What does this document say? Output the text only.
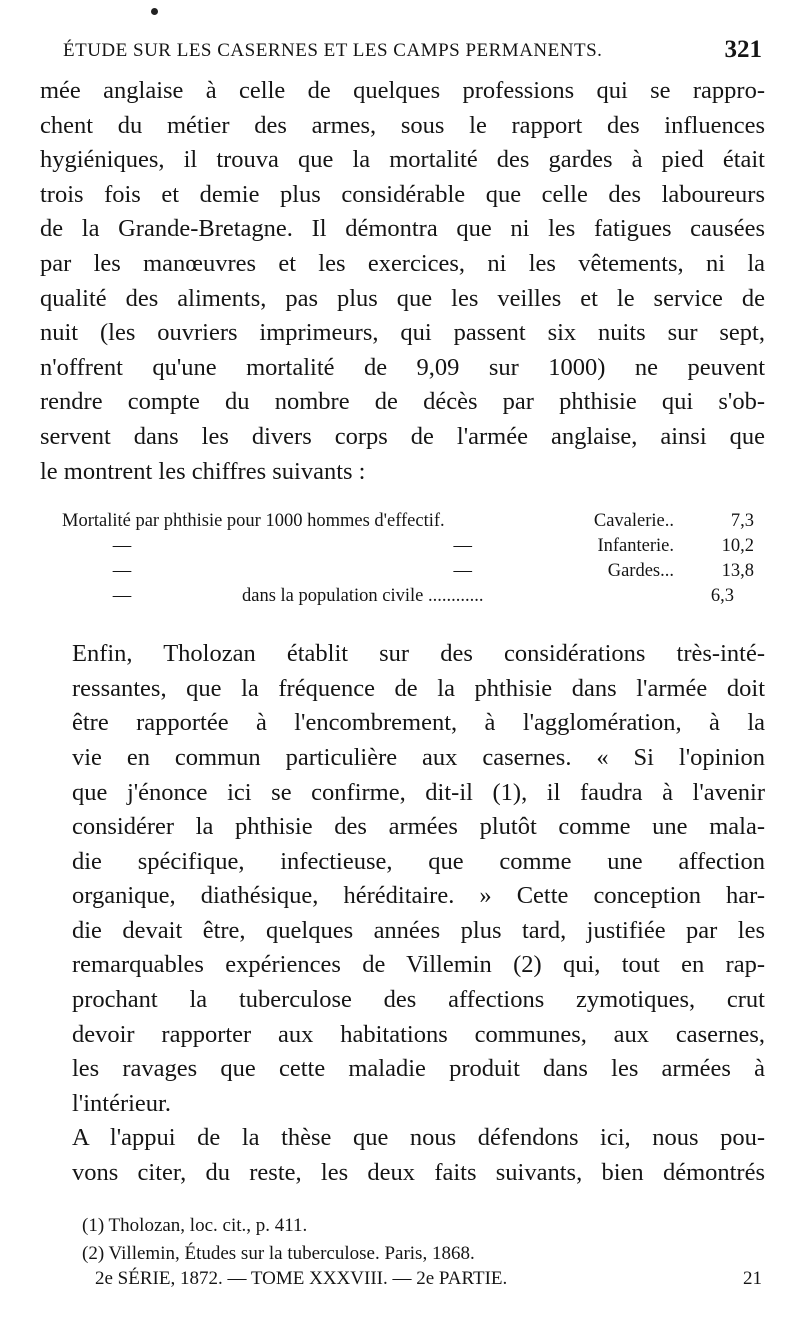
ÉTUDE SUR LES CASERNES ET LES CAMPS PERMANENTS.	321
mée anglaise à celle de quelques professions qui se rappro-
chent du métier des armes, sous le rapport des influences
hygiéniques, il trouva que la mortalité des gardes à pied était
trois fois et demie plus considérable que celle des laboureurs
de la Grande-Bretagne. Il démontra que ni les fatigues causées
par les manœuvres et les exercices, ni les vêtements, ni la
qualité des aliments, pas plus que les veilles et le service de
nuit (les ouvriers imprimeurs, qui passent six nuits sur sept,
n'offrent qu'une mortalité de 9,09 sur 1000) ne peuvent
rendre compte du nombre de décès par phthisie qui s'ob-
servent dans les divers corps de l'armée anglaise, ainsi que
le montrent les chiffres suivants :
Mortalité par phthisie pour 1000 hommes d'effectif.	Cavalerie..	7,3
—	—	Infanterie.	10,2
—	—	Gardes...	13,8
—	dans la population civile ............	6,3
Enfin, Tholozan établit sur des considérations très-inté-
ressantes, que la fréquence de la phthisie dans l'armée doit
être rapportée à l'encombrement, à l'agglomération, à la
vie en commun particulière aux casernes. « Si l'opinion
que j'énonce ici se confirme, dit-il (1), il faudra à l'avenir
considérer la phthisie des armées plutôt comme une mala-
die spécifique, infectieuse, que comme une affection
organique, diathésique, héréditaire. » Cette conception har-
die devait être, quelques années plus tard, justifiée par les
remarquables expériences de Villemin (2) qui, tout en rap-
prochant la tuberculose des affections zymotiques, crut
devoir rapporter aux habitations communes, aux casernes,
les ravages que cette maladie produit dans les armées à
l'intérieur.
A l'appui de la thèse que nous défendons ici, nous pou-
vons citer, du reste, les deux faits suivants, bien démontrés
(1) Tholozan, loc. cit., p. 411.
(2) Villemin, Études sur la tuberculose. Paris, 1868.
2e SÉRIE, 1872. — TOME XXXVIII. — 2e PARTIE.	21
